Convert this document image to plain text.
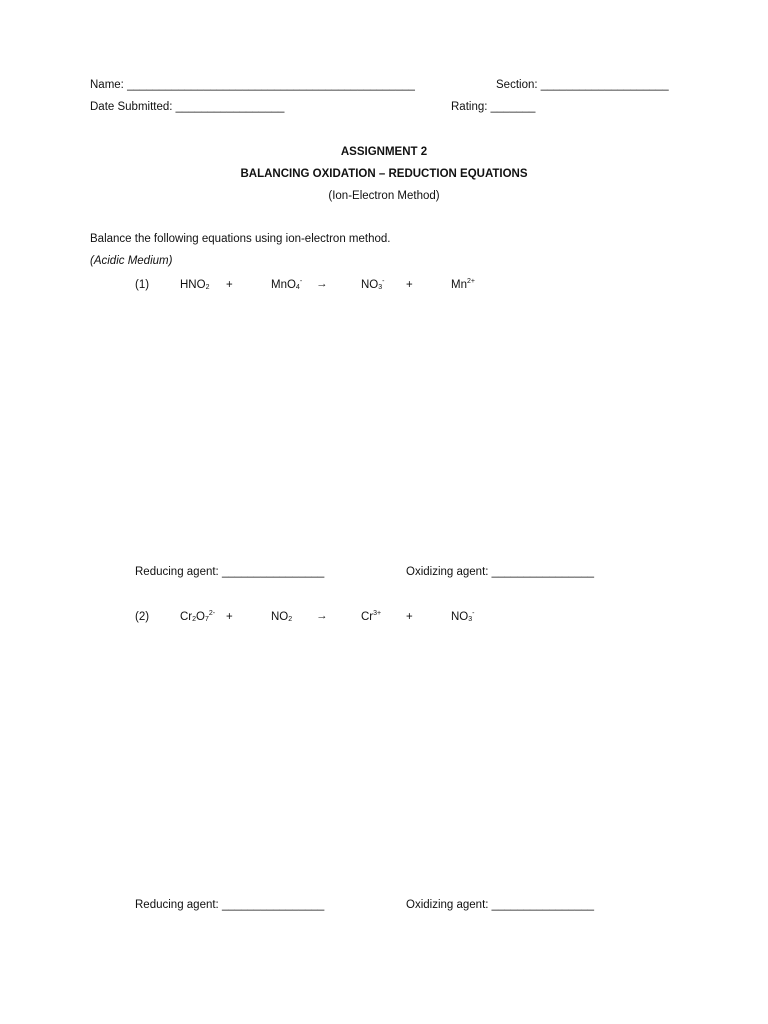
Name: _____________________________________________	Section: ____________________
Date Submitted: _________________	Rating: _______
ASSIGNMENT 2
BALANCING OXIDATION – REDUCTION EQUATIONS
(Ion-Electron Method)
Balance the following equations using ion-electron method.
(Acidic Medium)
(1)	$HNO_2$ +	MnO$_4$- →	$NO_3^-$ +	$Mn^{2+}$
Reducing agent: ________________	Oxidizing agent: ________________
(2)	$Cr_2O_7^{2-}$ +	$NO_2$ →	$Cr^{3+}$ +	$NO_3^-$
Reducing agent: ________________	Oxidizing agent: ________________
